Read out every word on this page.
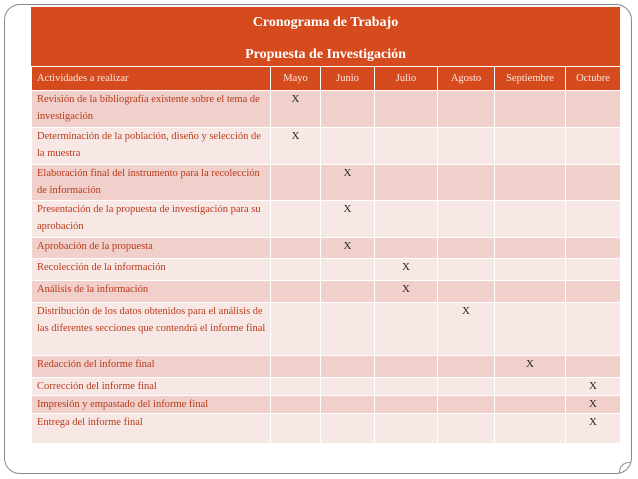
Cronograma de Trabajo
Propuesta de Investigación
Actividades a realizar	Mayo	Junio	Julio	Agosto	Septiembre	Octubre
Revisión de la bibliografía existente sobre el tema de investigación	X					
Determinación de la población, diseño y selección de la muestra	X					
Elaboración final del instrumento para la recolección de información		X				
Presentación de la propuesta de investigación para su aprobación		X				
Aprobación de la propuesta		X				
Recolección de la información			X			
Análisis de la información			X			
Distribución de los datos obtenidos para el análisis de las diferentes secciones que contendrá el informe final				X		
Redacción del informe final					X	
Corrección del informe final						X
Impresión y empastado del informe final						X
Entrega del informe final						X
